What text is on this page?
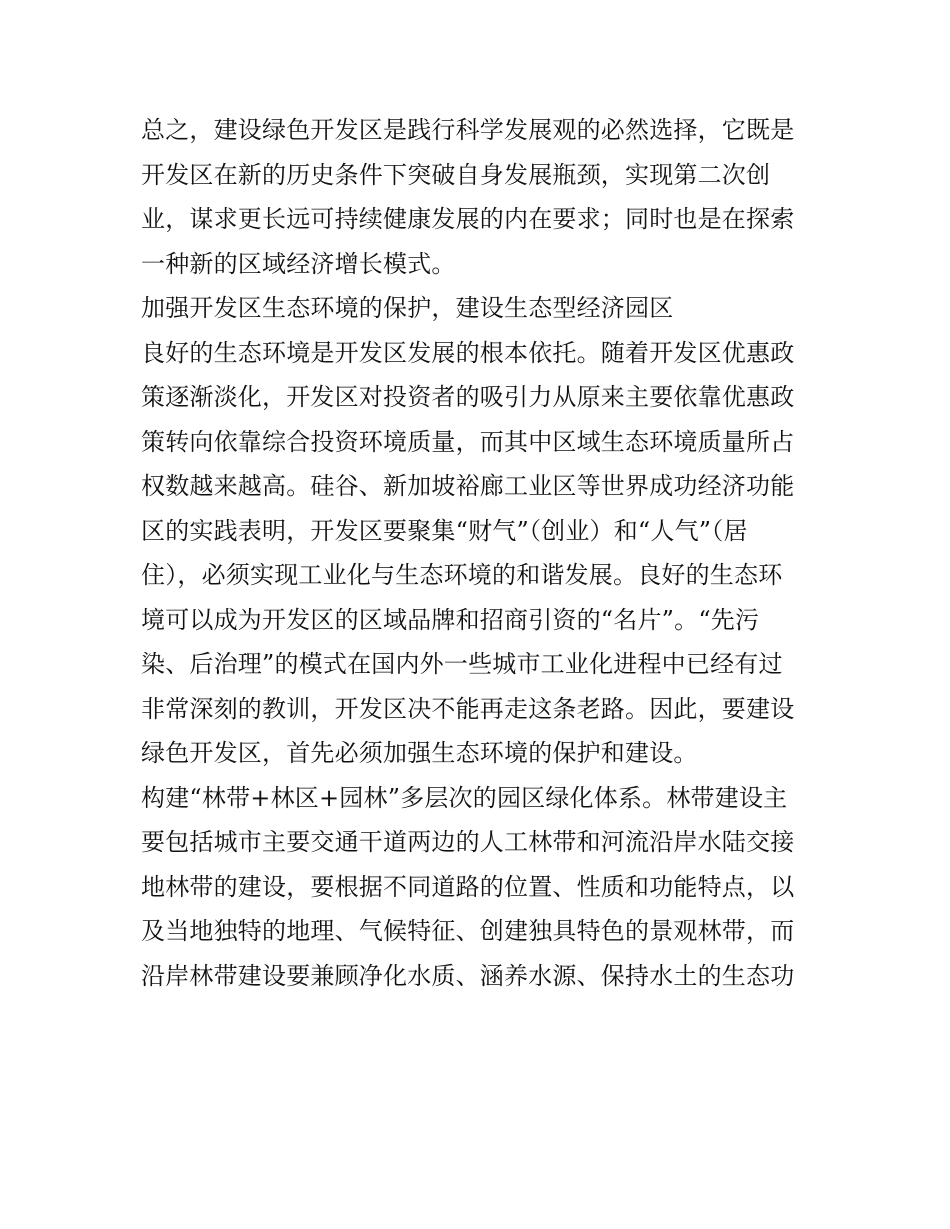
总之，建设绿色开发区是践行科学发展观的必然选择，它既是
开发区在新的历史条件下突破自身发展瓶颈，实现第二次创
业，谋求更长远可持续健康发展的内在要求；同时也是在探索
一种新的区域经济增长模式。
加强开发区生态环境的保护，建设生态型经济园区
良好的生态环境是开发区发展的根本依托。随着开发区优惠政
策逐渐淡化，开发区对投资者的吸引力从原来主要依靠优惠政
策转向依靠综合投资环境质量，而其中区域生态环境质量所占
权数越来越高。硅谷、新加坡裕廊工业区等世界成功经济功能
区的实践表明，开发区要聚集“财气”（创业）和“人气”（居
住），必须实现工业化与生态环境的和谐发展。良好的生态环
境可以成为开发区的区域品牌和招商引资的“名片”。“先污
染、后治理”的模式在国内外一些城市工业化进程中已经有过
非常深刻的教训，开发区决不能再走这条老路。因此，要建设
绿色开发区，首先必须加强生态环境的保护和建设。
构建“林带+林区+园林”多层次的园区绿化体系。林带建设主
要包括城市主要交通干道两边的人工林带和河流沿岸水陆交接
地林带的建设，要根据不同道路的位置、性质和功能特点，以
及当地独特的地理、气候特征、创建独具特色的景观林带，而
沿岸林带建设要兼顾净化水质、涵养水源、保持水土的生态功
